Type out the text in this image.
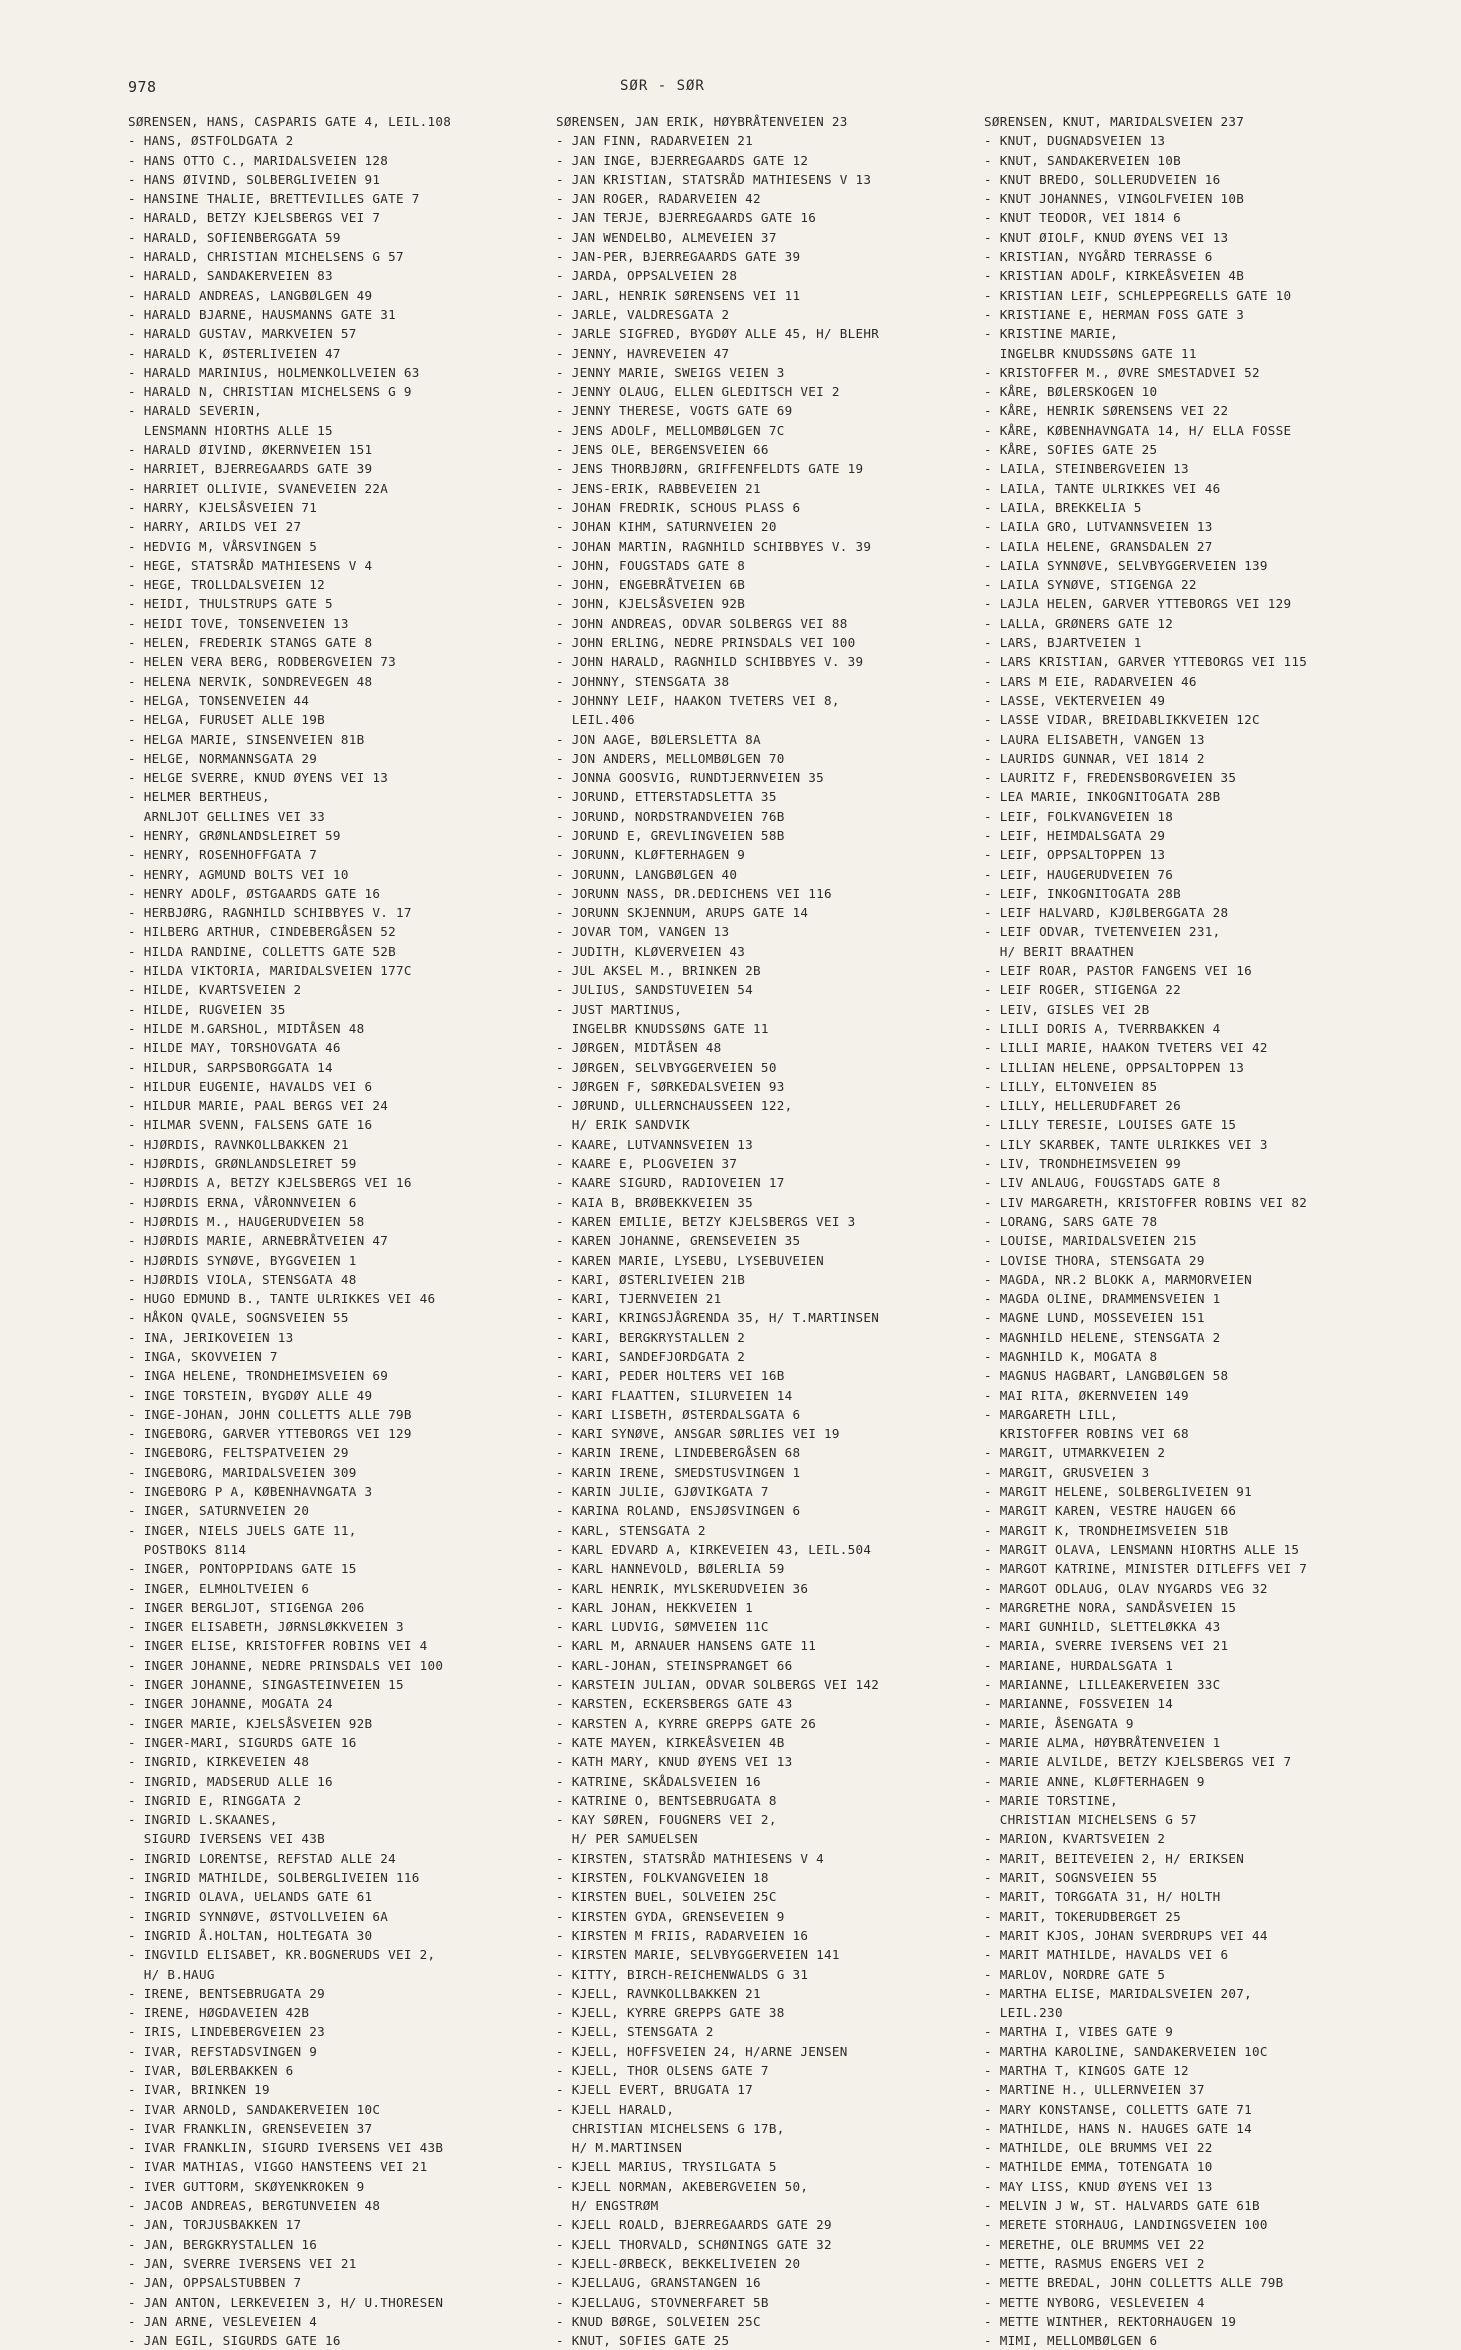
978	SØR - SØR
SØRENSEN, HANS, CASPARIS GATE 4, LEIL.108
- HANS, ØSTFOLDGATA 2
- HANS OTTO C., MARIDALSVEIEN 128
- HANS ØIVIND, SOLBERGLIVEIEN 91
- HANSINE THALIE, BRETTEVILLES GATE 7
- HARALD, BETZY KJELSBERGS VEI 7
- HARALD, SOFIENBERGGATA 59
- HARALD, CHRISTIAN MICHELSENS G 57
- HARALD, SANDAKERVEIEN 83
- HARALD ANDREAS, LANGBØLGEN 49
- HARALD BJARNE, HAUSMANNS GATE 31
- HARALD GUSTAV, MARKVEIEN 57
- HARALD K, ØSTERLIVEIEN 47
- HARALD MARINIUS, HOLMENKOLLVEIEN 63
- HARALD N, CHRISTIAN MICHELSENS G 9
- HARALD SEVERIN,
LENSMANN HIORTHS ALLE 15
- HARALD ØIVIND, ØKERNVEIEN 151
- HARRIET, BJERREGAARDS GATE 39
- HARRIET OLLIVIE, SVANEVEIEN 22A
- HARRY, KJELSÅSVEIEN 71
- HARRY, ARILDS VEI 27
- HEDVIG M, VÅRSVINGEN 5
- HEGE, STATSRÅD MATHIESENS V 4
- HEGE, TROLLDALSVEIEN 12
- HEIDI, THULSTRUPS GATE 5
- HEIDI TOVE, TONSENVEIEN 13
- HELEN, FREDERIK STANGS GATE 8
- HELEN VERA BERG, RODBERGVEIEN 73
- HELENA NERVIK, SONDREVEGEN 48
- HELGA, TONSENVEIEN 44
- HELGA, FURUSET ALLE 19B
- HELGA MARIE, SINSENVEIEN 81B
- HELGE, NORMANNSGATA 29
- HELGE SVERRE, KNUD ØYENS VEI 13
- HELMER BERTHEUS,
ARNLJOT GELLINES VEI 33
- HENRY, GRØNLANDSLEIRET 59
- HENRY, ROSENHOFFGATA 7
- HENRY, AGMUND BOLTS VEI 10
- HENRY ADOLF, ØSTGAARDS GATE 16
- HERBJØRG, RAGNHILD SCHIBBYES V. 17
- HILBERG ARTHUR, CINDEBERGÅSEN 52
- HILDA RANDINE, COLLETTS GATE 52B
- HILDA VIKTORIA, MARIDALSVEIEN 177C
- HILDE, KVARTSVEIEN 2
- HILDE, RUGVEIEN 35
- HILDE M.GARSHOL, MIDTÅSEN 48
- HILDE MAY, TORSHOVGATA 46
- HILDUR, SARPSBORGGATA 14
- HILDUR EUGENIE, HAVALDS VEI 6
- HILDUR MARIE, PAAL BERGS VEI 24
- HILMAR SVENN, FALSENS GATE 16
- HJØRDIS, RAVNKOLLBAKKEN 21
- HJØRDIS, GRØNLANDSLEIRET 59
- HJØRDIS A, BETZY KJELSBERGS VEI 16
- HJØRDIS ERNA, VÅRONNVEIEN 6
- HJØRDIS M., HAUGERUDVEIEN 58
- HJØRDIS MARIE, ARNEBRÅTVEIEN 47
- HJØRDIS SYNØVE, BYGGVEIEN 1
- HJØRDIS VIOLA, STENSGATA 48
- HUGO EDMUND B., TANTE ULRIKKES VEI 46
- HÅKON QVALE, SOGNSVEIEN 55
- INA, JERIKOVEIEN 13
- INGA, SKOVVEIEN 7
- INGA HELENE, TRONDHEIMSVEIEN 69
- INGE TORSTEIN, BYGDØY ALLE 49
- INGE-JOHAN, JOHN COLLETTS ALLE 79B
- INGEBORG, GARVER YTTEBORGS VEI 129
- INGEBORG, FELTSPATVEIEN 29
- INGEBORG, MARIDALSVEIEN 309
- INGEBORG P A, KØBENHAVNGATA 3
- INGER, SATURNVEIEN 20
- INGER, NIELS JUELS GATE 11,
POSTBOKS 8114
- INGER, PONTOPPIDANS GATE 15
- INGER, ELMHOLTVEIEN 6
- INGER BERGLJOT, STIGENGA 206
- INGER ELISABETH, JØRNSLØKKVEIEN 3
- INGER ELISE, KRISTOFFER ROBINS VEI 4
- INGER JOHANNE, NEDRE PRINSDALS VEI 100
- INGER JOHANNE, SINGASTEINVEIEN 15
- INGER JOHANNE, MOGATA 24
- INGER MARIE, KJELSÅSVEIEN 92B
- INGER-MARI, SIGURDS GATE 16
- INGRID, KIRKEVEIEN 48
- INGRID, MADSERUD ALLE 16
- INGRID E, RINGGATA 2
- INGRID L.SKAANES,
SIGURD IVERSENS VEI 43B
- INGRID LORENTSE, REFSTAD ALLE 24
- INGRID MATHILDE, SOLBERGLIVEIEN 116
- INGRID OLAVA, UELANDS GATE 61
- INGRID SYNNØVE, ØSTVOLLVEIEN 6A
- INGRID Å.HOLTAN, HOLTEGATA 30
- INGVILD ELISABET, KR.BOGNERUDS VEI 2,
H/ B.HAUG
- IRENE, BENTSEBRUGATA 29
- IRENE, HØGDAVEIEN 42B
- IRIS, LINDEBERGVEIEN 23
- IVAR, REFSTADSVINGEN 9
- IVAR, BØLERBAKKEN 6
- IVAR, BRINKEN 19
- IVAR ARNOLD, SANDAKERVEIEN 10C
- IVAR FRANKLIN, GRENSEVEIEN 37
- IVAR FRANKLIN, SIGURD IVERSENS VEI 43B
- IVAR MATHIAS, VIGGO HANSTEENS VEI 21
- IVER GUTTORM, SKØYENKROKEN 9
- JACOB ANDREAS, BERGTUNVEIEN 48
- JAN, TORJUSBAKKEN 17
- JAN, BERGKRYSTALLEN 16
- JAN, SVERRE IVERSENS VEI 21
- JAN, OPPSALSTUBBEN 7
- JAN ANTON, LERKEVEIEN 3, H/ U.THORESEN
- JAN ARNE, VESLEVEIEN 4
- JAN EGIL, SIGURDS GATE 16
SØRENSEN, JAN ERIK, HØYBRÅTENVEIEN 23
- JAN FINN, RADARVEIEN 21
- JAN INGE, BJERREGAARDS GATE 12
- JAN KRISTIAN, STATSRÅD MATHIESENS V 13
- JAN ROGER, RADARVEIEN 42
- JAN TERJE, BJERREGAARDS GATE 16
- JAN WENDELBO, ALMEVEIEN 37
- JAN-PER, BJERREGAARDS GATE 39
- JARDA, OPPSALVEIEN 28
- JARL, HENRIK SØRENSENS VEI 11
- JARLE, VALDRESGATA 2
- JARLE SIGFRED, BYGDØY ALLE 45, H/ BLEHR
- JENNY, HAVREVEIEN 47
- JENNY MARIE, SWEIGS VEIEN 3
- JENNY OLAUG, ELLEN GLEDITSCH VEI 2
- JENNY THERESE, VOGTS GATE 69
- JENS ADOLF, MELLOMBØLGEN 7C
- JENS OLE, BERGENSVEIEN 66
- JENS THORBJØRN, GRIFFENFELDTS GATE 19
- JENS-ERIK, RABBEVEIEN 21
- JOHAN FREDRIK, SCHOUS PLASS 6
- JOHAN KIHM, SATURNVEIEN 20
- JOHAN MARTIN, RAGNHILD SCHIBBYES V. 39
- JOHN, FOUGSTADS GATE 8
- JOHN, ENGEBRÅTVEIEN 6B
- JOHN, KJELSÅSVEIEN 92B
- JOHN ANDREAS, ODVAR SOLBERGS VEI 88
- JOHN ERLING, NEDRE PRINSDALS VEI 100
- JOHN HARALD, RAGNHILD SCHIBBYES V. 39
- JOHNNY, STENSGATA 38
- JOHNNY LEIF, HAAKON TVETERS VEI 8,
LEIL.406
- JON AAGE, BØLERSLETTA 8A
- JON ANDERS, MELLOMBØLGEN 70
- JONNA GOOSVIG, RUNDTJERNVEIEN 35
- JORUND, ETTERSTADSLETTA 35
- JORUND, NORDSTRANDVEIEN 76B
- JORUND E, GREVLINGVEIEN 58B
- JORUNN, KLØFTERHAGEN 9
- JORUNN, LANGBØLGEN 40
- JORUNN NASS, DR.DEDICHENS VEI 116
- JORUNN SKJENNUM, ARUPS GATE 14
- JOVAR TOM, VANGEN 13
- JUDITH, KLØVERVEIEN 43
- JUL AKSEL M., BRINKEN 2B
- JULIUS, SANDSTUVEIEN 54
- JUST MARTINUS,
INGELBR KNUDSSØNS GATE 11
- JØRGEN, MIDTÅSEN 48
- JØRGEN, SELVBYGGERVEIEN 50
- JØRGEN F, SØRKEDALSVEIEN 93
- JØRUND, ULLERNCHAUSSEEN 122,
H/ ERIK SANDVIK
- KAARE, LUTVANNSVEIEN 13
- KAARE E, PLOGVEIEN 37
- KAARE SIGURD, RADIOVEIEN 17
- KAIA B, BRØBEKKVEIEN 35
- KAREN EMILIE, BETZY KJELSBERGS VEI 3
- KAREN JOHANNE, GRENSEVEIEN 35
- KAREN MARIE, LYSEBU, LYSEBUVEIEN
- KARI, ØSTERLIVEIEN 21B
- KARI, TJERNVEIEN 21
- KARI, KRINGSJÅGRENDA 35, H/ T.MARTINSEN
- KARI, BERGKRYSTALLEN 2
- KARI, SANDEFJORDGATA 2
- KARI, PEDER HOLTERS VEI 16B
- KARI FLAATTEN, SILURVEIEN 14
- KARI LISBETH, ØSTERDALSGATA 6
- KARI SYNØVE, ANSGAR SØRLIES VEI 19
- KARIN IRENE, LINDEBERGÅSEN 68
- KARIN IRENE, SMEDSTUSVINGEN 1
- KARIN JULIE, GJØVIKGATA 7
- KARINA ROLAND, ENSJØSVINGEN 6
- KARL, STENSGATA 2
- KARL EDVARD A, KIRKEVEIEN 43, LEIL.504
- KARL HANNEVOLD, BØLERLIA 59
- KARL HENRIK, MYLSKERUDVEIEN 36
- KARL JOHAN, HEKKVEIEN 1
- KARL LUDVIG, SØMVEIEN 11C
- KARL M, ARNAUER HANSENS GATE 11
- KARL-JOHAN, STEINSPRANGET 66
- KARSTEIN JULIAN, ODVAR SOLBERGS VEI 142
- KARSTEN, ECKERSBERGS GATE 43
- KARSTEN A, KYRRE GREPPS GATE 26
- KATE MAYEN, KIRKEÅSVEIEN 4B
- KATH MARY, KNUD ØYENS VEI 13
- KATRINE, SKÅDALSVEIEN 16
- KATRINE O, BENTSEBRUGATA 8
- KAY SØREN, FOUGNERS VEI 2,
H/ PER SAMUELSEN
- KIRSTEN, STATSRÅD MATHIESENS V 4
- KIRSTEN, FOLKVANGVEIEN 18
- KIRSTEN BUEL, SOLVEIEN 25C
- KIRSTEN GYDA, GRENSEVEIEN 9
- KIRSTEN M FRIIS, RADARVEIEN 16
- KIRSTEN MARIE, SELVBYGGERVEIEN 141
- KITTY, BIRCH-REICHENWALDS G 31
- KJELL, RAVNKOLLBAKKEN 21
- KJELL, KYRRE GREPPS GATE 38
- KJELL, STENSGATA 2
- KJELL, HOFFSVEIEN 24, H/ARNE JENSEN
- KJELL, THOR OLSENS GATE 7
- KJELL EVERT, BRUGATA 17
- KJELL HARALD,
CHRISTIAN MICHELSENS G 17B,
H/ M.MARTINSEN
- KJELL MARIUS, TRYSILGATA 5
- KJELL NORMAN, AKEBERGVEIEN 50,
H/ ENGSTRØM
- KJELL ROALD, BJERREGAARDS GATE 29
- KJELL THORVALD, SCHØNINGS GATE 32
- KJELL-ØRBECK, BEKKELIVEIEN 20
- KJELLAUG, GRANSTANGEN 16
- KJELLAUG, STOVNERFARET 5B
- KNUD BØRGE, SOLVEIEN 25C
- KNUT, SOFIES GATE 25
SØRENSEN, KNUT, MARIDALSVEIEN 237
- KNUT, DUGNADSVEIEN 13
- KNUT, SANDAKERVEIEN 10B
- KNUT BREDO, SOLLERUDVEIEN 16
- KNUT JOHANNES, VINGOLFVEIEN 10B
- KNUT TEODOR, VEI 1814 6
- KNUT ØIOLF, KNUD ØYENS VEI 13
- KRISTIAN, NYGÅRD TERRASSE 6
- KRISTIAN ADOLF, KIRKEÅSVEIEN 4B
- KRISTIAN LEIF, SCHLEPPEGRELLS GATE 10
- KRISTIANE E, HERMAN FOSS GATE 3
- KRISTINE MARIE,
INGELBR KNUDSSØNS GATE 11
- KRISTOFFER M., ØVRE SMESTADVEI 52
- KÅRE, BØLERSKOGEN 10
- KÅRE, HENRIK SØRENSENS VEI 22
- KÅRE, KØBENHAVNGATA 14, H/ ELLA FOSSE
- KÅRE, SOFIES GATE 25
- LAILA, STEINBERGVEIEN 13
- LAILA, TANTE ULRIKKES VEI 46
- LAILA, BREKKELIA 5
- LAILA GRO, LUTVANNSVEIEN 13
- LAILA HELENE, GRANSDALEN 27
- LAILA SYNNØVE, SELVBYGGERVEIEN 139
- LAILA SYNØVE, STIGENGA 22
- LAJLA HELEN, GARVER YTTEBORGS VEI 129
- LALLA, GRØNERS GATE 12
- LARS, BJARTVEIEN 1
- LARS KRISTIAN, GARVER YTTEBORGS VEI 115
- LARS M EIE, RADARVEIEN 46
- LASSE, VEKTERVEIEN 49
- LASSE VIDAR, BREIDABLIKKVEIEN 12C
- LAURA ELISABETH, VANGEN 13
- LAURIDS GUNNAR, VEI 1814 2
- LAURITZ F, FREDENSBORGVEIEN 35
- LEA MARIE, INKOGNITOGATA 28B
- LEIF, FOLKVANGVEIEN 18
- LEIF, HEIMDALSGATA 29
- LEIF, OPPSALTOPPEN 13
- LEIF, HAUGERUDVEIEN 76
- LEIF, INKOGNITOGATA 28B
- LEIF HALVARD, KJØLBERGGATA 28
- LEIF ODVAR, TVETENVEIEN 231,
H/ BERIT BRAATHEN
- LEIF ROAR, PASTOR FANGENS VEI 16
- LEIF ROGER, STIGENGA 22
- LEIV, GISLES VEI 2B
- LILLI DORIS A, TVERRBAKKEN 4
- LILLI MARIE, HAAKON TVETERS VEI 42
- LILLIAN HELENE, OPPSALTOPPEN 13
- LILLY, ELTONVEIEN 85
- LILLY, HELLERUDFARET 26
- LILLY TERESIE, LOUISES GATE 15
- LILY SKARBEK, TANTE ULRIKKES VEI 3
- LIV, TRONDHEIMSVEIEN 99
- LIV ANLAUG, FOUGSTADS GATE 8
- LIV MARGARETH, KRISTOFFER ROBINS VEI 82
- LORANG, SARS GATE 78
- LOUISE, MARIDALSVEIEN 215
- LOVISE THORA, STENSGATA 29
- MAGDA, NR.2 BLOKK A, MARMORVEIEN
- MAGDA OLINE, DRAMMENSVEIEN 1
- MAGNE LUND, MOSSEVEIEN 151
- MAGNHILD HELENE, STENSGATA 2
- MAGNHILD K, MOGATA 8
- MAGNUS HAGBART, LANGBØLGEN 58
- MAI RITA, ØKERNVEIEN 149
- MARGARETH LILL,
KRISTOFFER ROBINS VEI 68
- MARGIT, UTMARKVEIEN 2
- MARGIT, GRUSVEIEN 3
- MARGIT HELENE, SOLBERGLIVEIEN 91
- MARGIT KAREN, VESTRE HAUGEN 66
- MARGIT K, TRONDHEIMSVEIEN 51B
- MARGIT OLAVA, LENSMANN HIORTHS ALLE 15
- MARGOT KATRINE, MINISTER DITLEFFS VEI 7
- MARGOT ODLAUG, OLAV NYGARDS VEG 32
- MARGRETHE NORA, SANDÅSVEIEN 15
- MARI GUNHILD, SLETTELØKKA 43
- MARIA, SVERRE IVERSENS VEI 21
- MARIANE, HURDALSGATA 1
- MARIANNE, LILLEAKERVEIEN 33C
- MARIANNE, FOSSVEIEN 14
- MARIE, ÅSENGATA 9
- MARIE ALMA, HØYBRÅTENVEIEN 1
- MARIE ALVILDE, BETZY KJELSBERGS VEI 7
- MARIE ANNE, KLØFTERHAGEN 9
- MARIE TORSTINE,
CHRISTIAN MICHELSENS G 57
- MARION, KVARTSVEIEN 2
- MARIT, BEITEVEIEN 2, H/ ERIKSEN
- MARIT, SOGNSVEIEN 55
- MARIT, TORGGATA 31, H/ HOLTH
- MARIT, TOKERUDBERGET 25
- MARIT KJOS, JOHAN SVERDRUPS VEI 44
- MARIT MATHILDE, HAVALDS VEI 6
- MARLOV, NORDRE GATE 5
- MARTHA ELISE, MARIDALSVEIEN 207,
LEIL.230
- MARTHA I, VIBES GATE 9
- MARTHA KAROLINE, SANDAKERVEIEN 10C
- MARTHA T, KINGOS GATE 12
- MARTINE H., ULLERNVEIEN 37
- MARY KONSTANSE, COLLETTS GATE 71
- MATHILDE, HANS N. HAUGES GATE 14
- MATHILDE, OLE BRUMMS VEI 22
- MATHILDE EMMA, TOTENGATA 10
- MAY LISS, KNUD ØYENS VEI 13
- MELVIN J W, ST. HALVARDS GATE 61B
- MERETE STORHAUG, LANDINGSVEIEN 100
- MERETHE, OLE BRUMMS VEI 22
- METTE, RASMUS ENGERS VEI 2
- METTE BREDAL, JOHN COLLETTS ALLE 79B
- METTE NYBORG, VESLEVEIEN 4
- METTE WINTHER, REKTORHAUGEN 19
- MIMI, MELLOMBØLGEN 6
